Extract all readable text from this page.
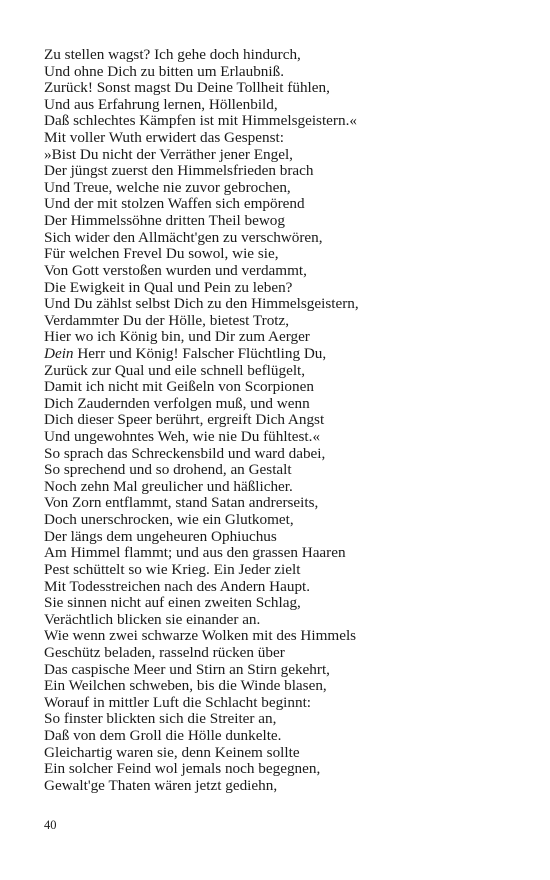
Zu stellen wagst? Ich gehe doch hindurch,
Und ohne Dich zu bitten um Erlaubniß.
Zurück! Sonst magst Du Deine Tollheit fühlen,
Und aus Erfahrung lernen, Höllenbild,
Daß schlechtes Kämpfen ist mit Himmelsgeistern.«
Mit voller Wuth erwidert das Gespenst:
»Bist Du nicht der Verräther jener Engel,
Der jüngst zuerst den Himmelsfrieden brach
Und Treue, welche nie zuvor gebrochen,
Und der mit stolzen Waffen sich empörend
Der Himmelssöhne dritten Theil bewog
Sich wider den Allmächt'gen zu verschwören,
Für welchen Frevel Du sowol, wie sie,
Von Gott verstoßen wurden und verdammt,
Die Ewigkeit in Qual und Pein zu leben?
Und Du zählst selbst Dich zu den Himmelsgeistern,
Verdammter Du der Hölle, bietest Trotz,
Hier wo ich König bin, und Dir zum Aerger
Dein Herr und König! Falscher Flüchtling Du,
Zurück zur Qual und eile schnell beflügelt,
Damit ich nicht mit Geißeln von Scorpionen
Dich Zaudernden verfolgen muß, und wenn
Dich dieser Speer berührt, ergreift Dich Angst
Und ungewohntes Weh, wie nie Du fühltest.«
So sprach das Schreckensbild und ward dabei,
So sprechend und so drohend, an Gestalt
Noch zehn Mal greulicher und häßlicher.
Von Zorn entflammt, stand Satan andrerseits,
Doch unerschrocken, wie ein Glutkomet,
Der längs dem ungeheuren Ophiuchus
Am Himmel flammt; und aus den grassen Haaren
Pest schüttelt so wie Krieg. Ein Jeder zielt
Mit Todesstreichen nach des Andern Haupt.
Sie sinnen nicht auf einen zweiten Schlag,
Verächtlich blicken sie einander an.
Wie wenn zwei schwarze Wolken mit des Himmels
Geschütz beladen, rasselnd rücken über
Das caspische Meer und Stirn an Stirn gekehrt,
Ein Weilchen schweben, bis die Winde blasen,
Worauf in mittler Luft die Schlacht beginnt:
So finster blickten sich die Streiter an,
Daß von dem Groll die Hölle dunkelte.
Gleichartig waren sie, denn Keinem sollte
Ein solcher Feind wol jemals noch begegnen,
Gewalt'ge Thaten wären jetzt gediehn,
40
